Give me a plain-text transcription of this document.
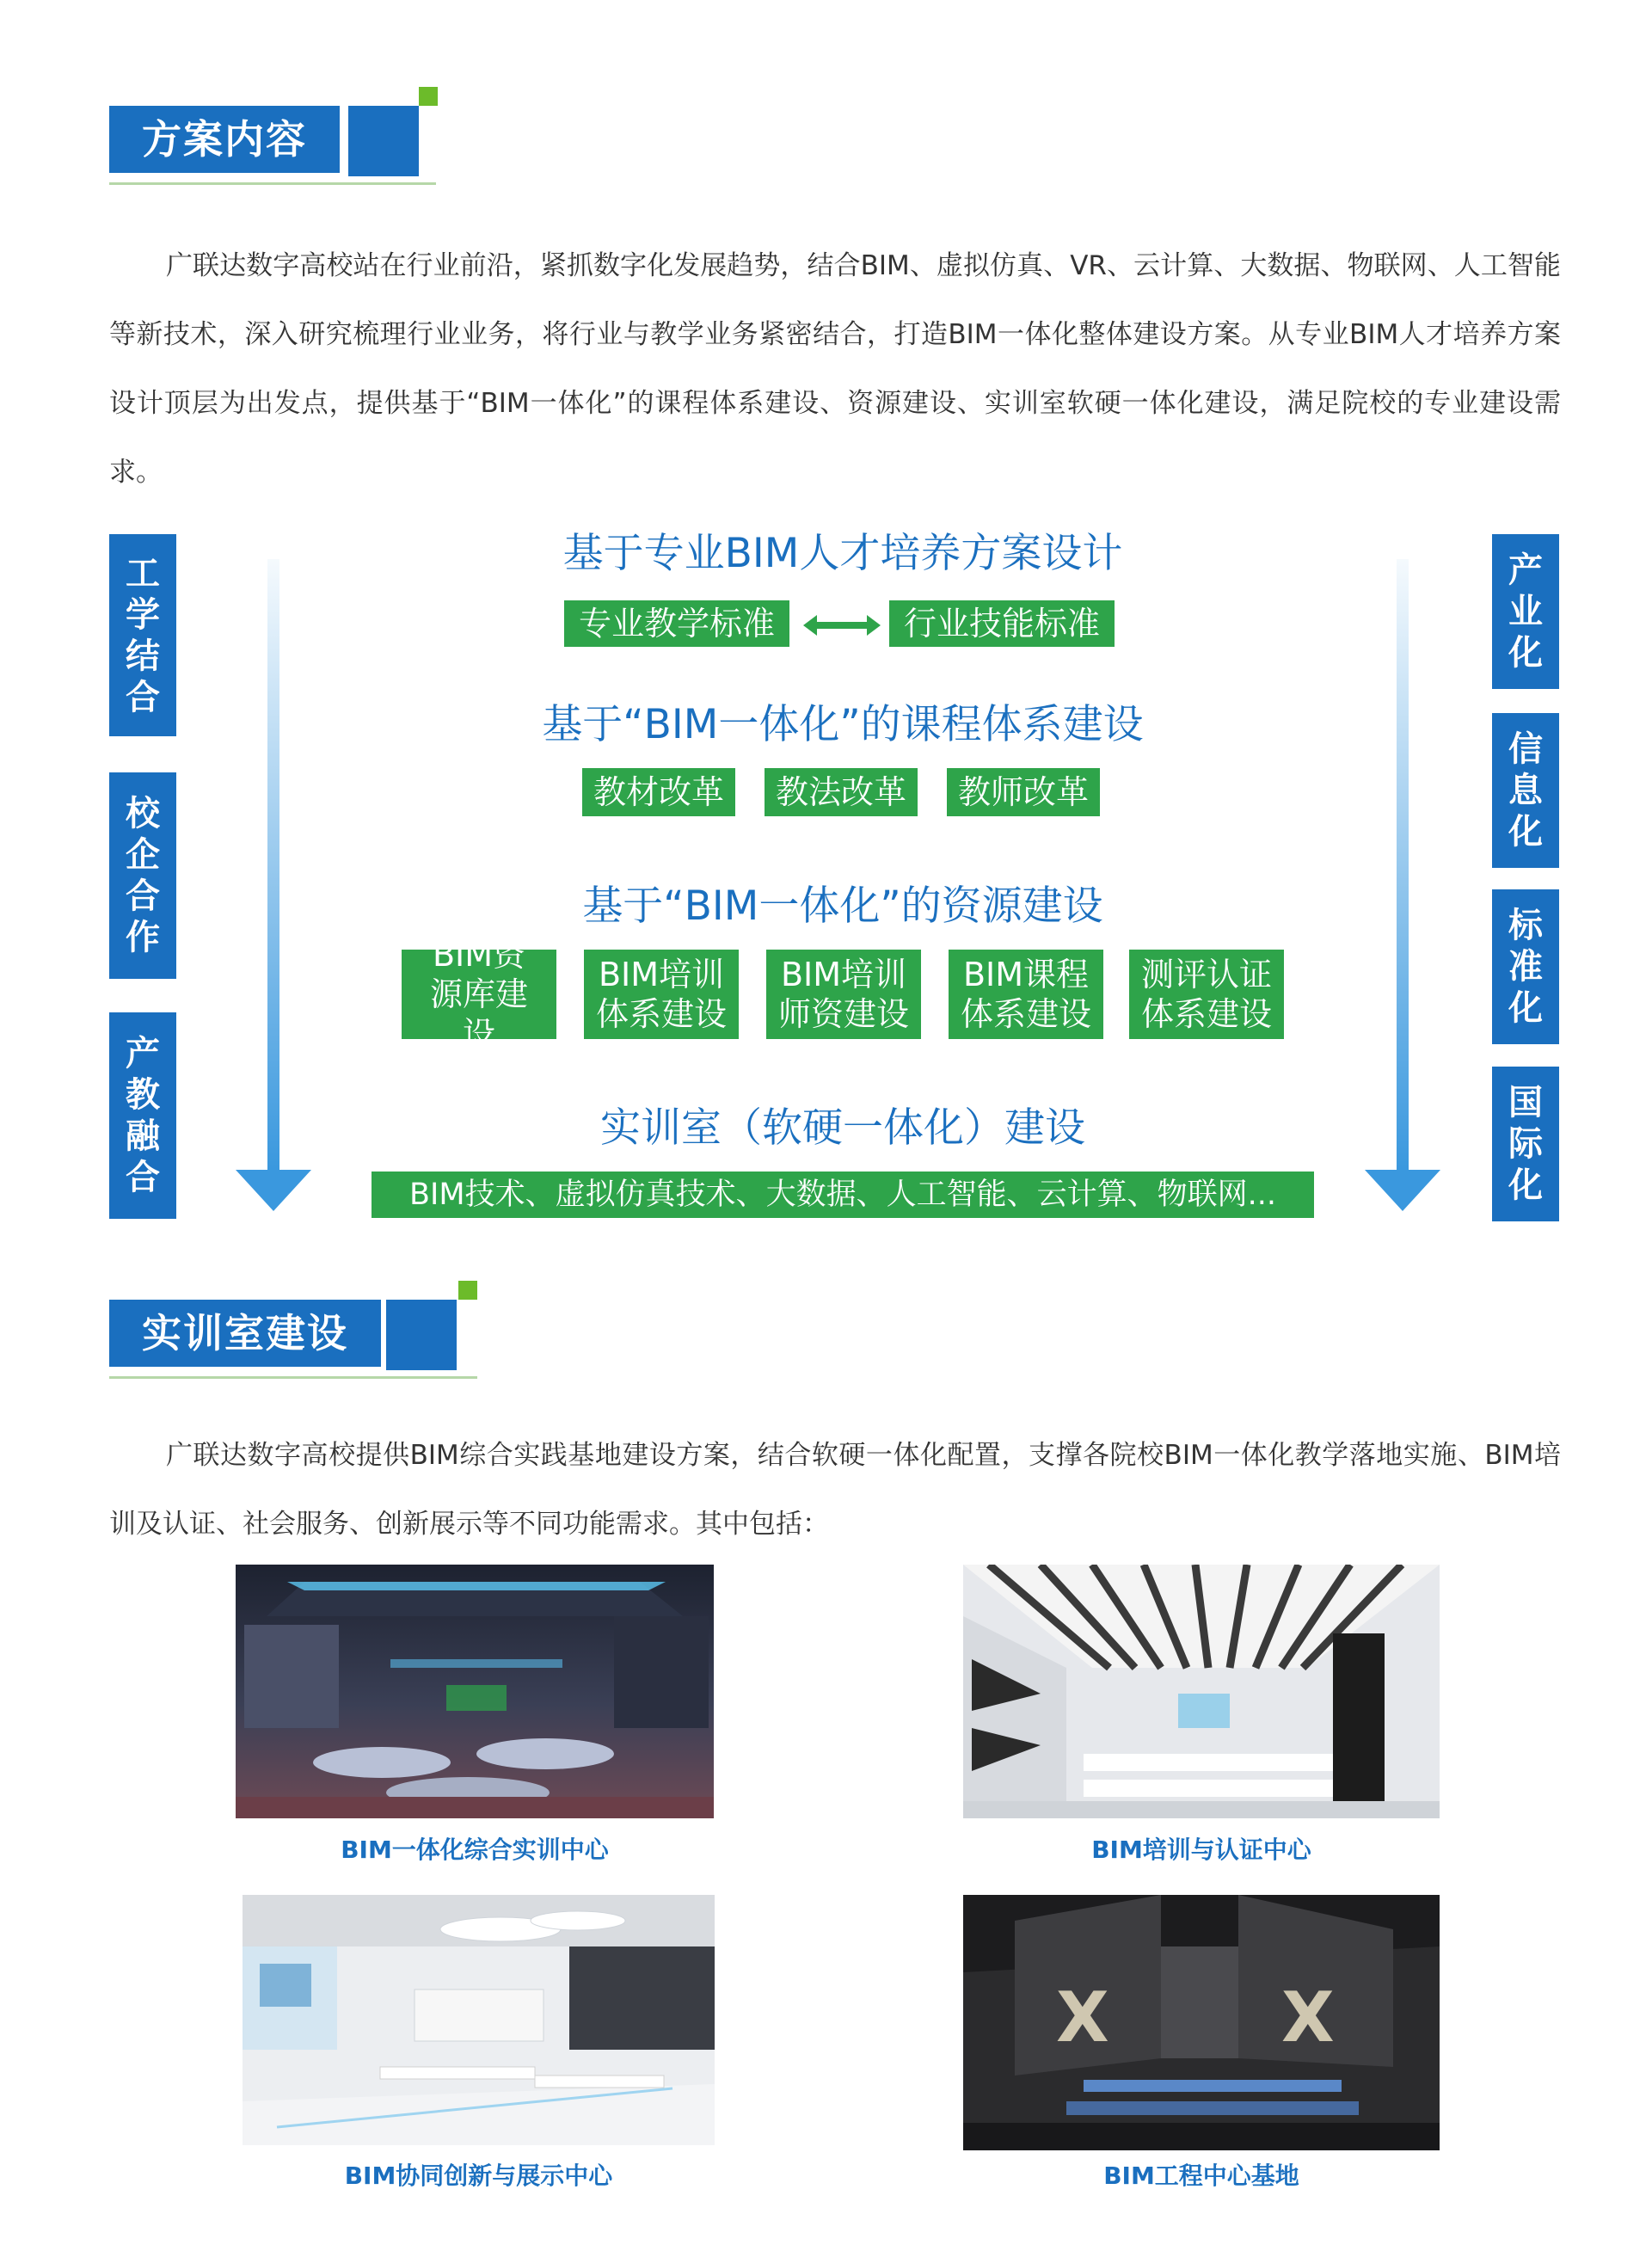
方案内容

广联达数字高校站在行业前沿，紧抓数字化发展趋势，结合BIM、虚拟仿真、VR、云计算、大数据、物联网、人工智能等新技术，深入研究梳理行业业务，将行业与教学业务紧密结合，打造BIM一体化整体建设方案。从专业BIM人才培养方案设计顶层为出发点，提供基于“BIM一体化”的课程体系建设、资源建设、实训室软硬一体化建设，满足院校的专业建设需求。

工学结合
校企合作
产教融合
产业化
信息化
标准化
国际化
基于专业BIM人才培养方案设计
专业教学标准	行业技能标准
基于“BIM一体化”的课程体系建设
教材改革	教法改革	教师改革
基于“BIM一体化”的资源建设
BIM资源库建设
BIM培训体系建设
BIM培训师资建设
BIM课程体系建设
测评认证体系建设
实训室（软硬一体化）建设
BIM技术、虚拟仿真技术、大数据、人工智能、云计算、物联网...
实训室建设

广联达数字高校提供BIM综合实践基地建设方案，结合软硬一体化配置，支撑各院校BIM一体化教学落地实施、BIM培训及认证、社会服务、创新展示等不同功能需求。其中包括：

BIM一体化综合实训中心	BIM培训与认证中心
BIM协同创新与展示中心
X	X
BIM工程中心基地
